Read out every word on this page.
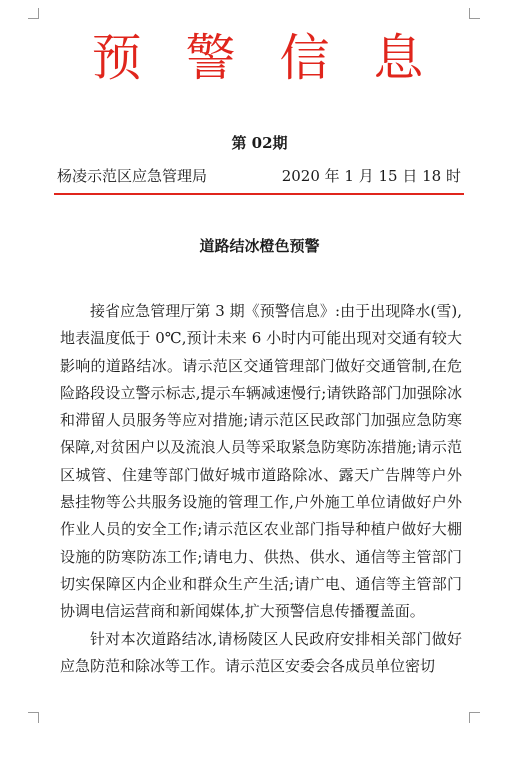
预 警 信 息
第 02期
杨凌示范区应急管理局	2020 年 1 月 15 日 18 时
道路结冰橙色预警

接省应急管理厅第 3 期《预警信息》:由于出现降水(雪),地表温度低于 0℃,预计未来 6 小时内可能出现对交通有较大影响的道路结冰。请示范区交通管理部门做好交通管制,在危险路段设立警示标志,提示车辆减速慢行;请铁路部门加强除冰和滞留人员服务等应对措施;请示范区民政部门加强应急防寒保障,对贫困户以及流浪人员等采取紧急防寒防冻措施;请示范区城管、住建等部门做好城市道路除冰、露天广告牌等户外悬挂物等公共服务设施的管理工作,户外施工单位请做好户外作业人员的安全工作;请示范区农业部门指导种植户做好大棚设施的防寒防冻工作;请电力、供热、供水、通信等主管部门切实保障区内企业和群众生产生活;请广电、通信等主管部门协调电信运营商和新闻媒体,扩大预警信息传播覆盖面。

针对本次道路结冰,请杨陵区人民政府安排相关部门做好应急防范和除冰等工作。请示范区安委会各成员单位密切
